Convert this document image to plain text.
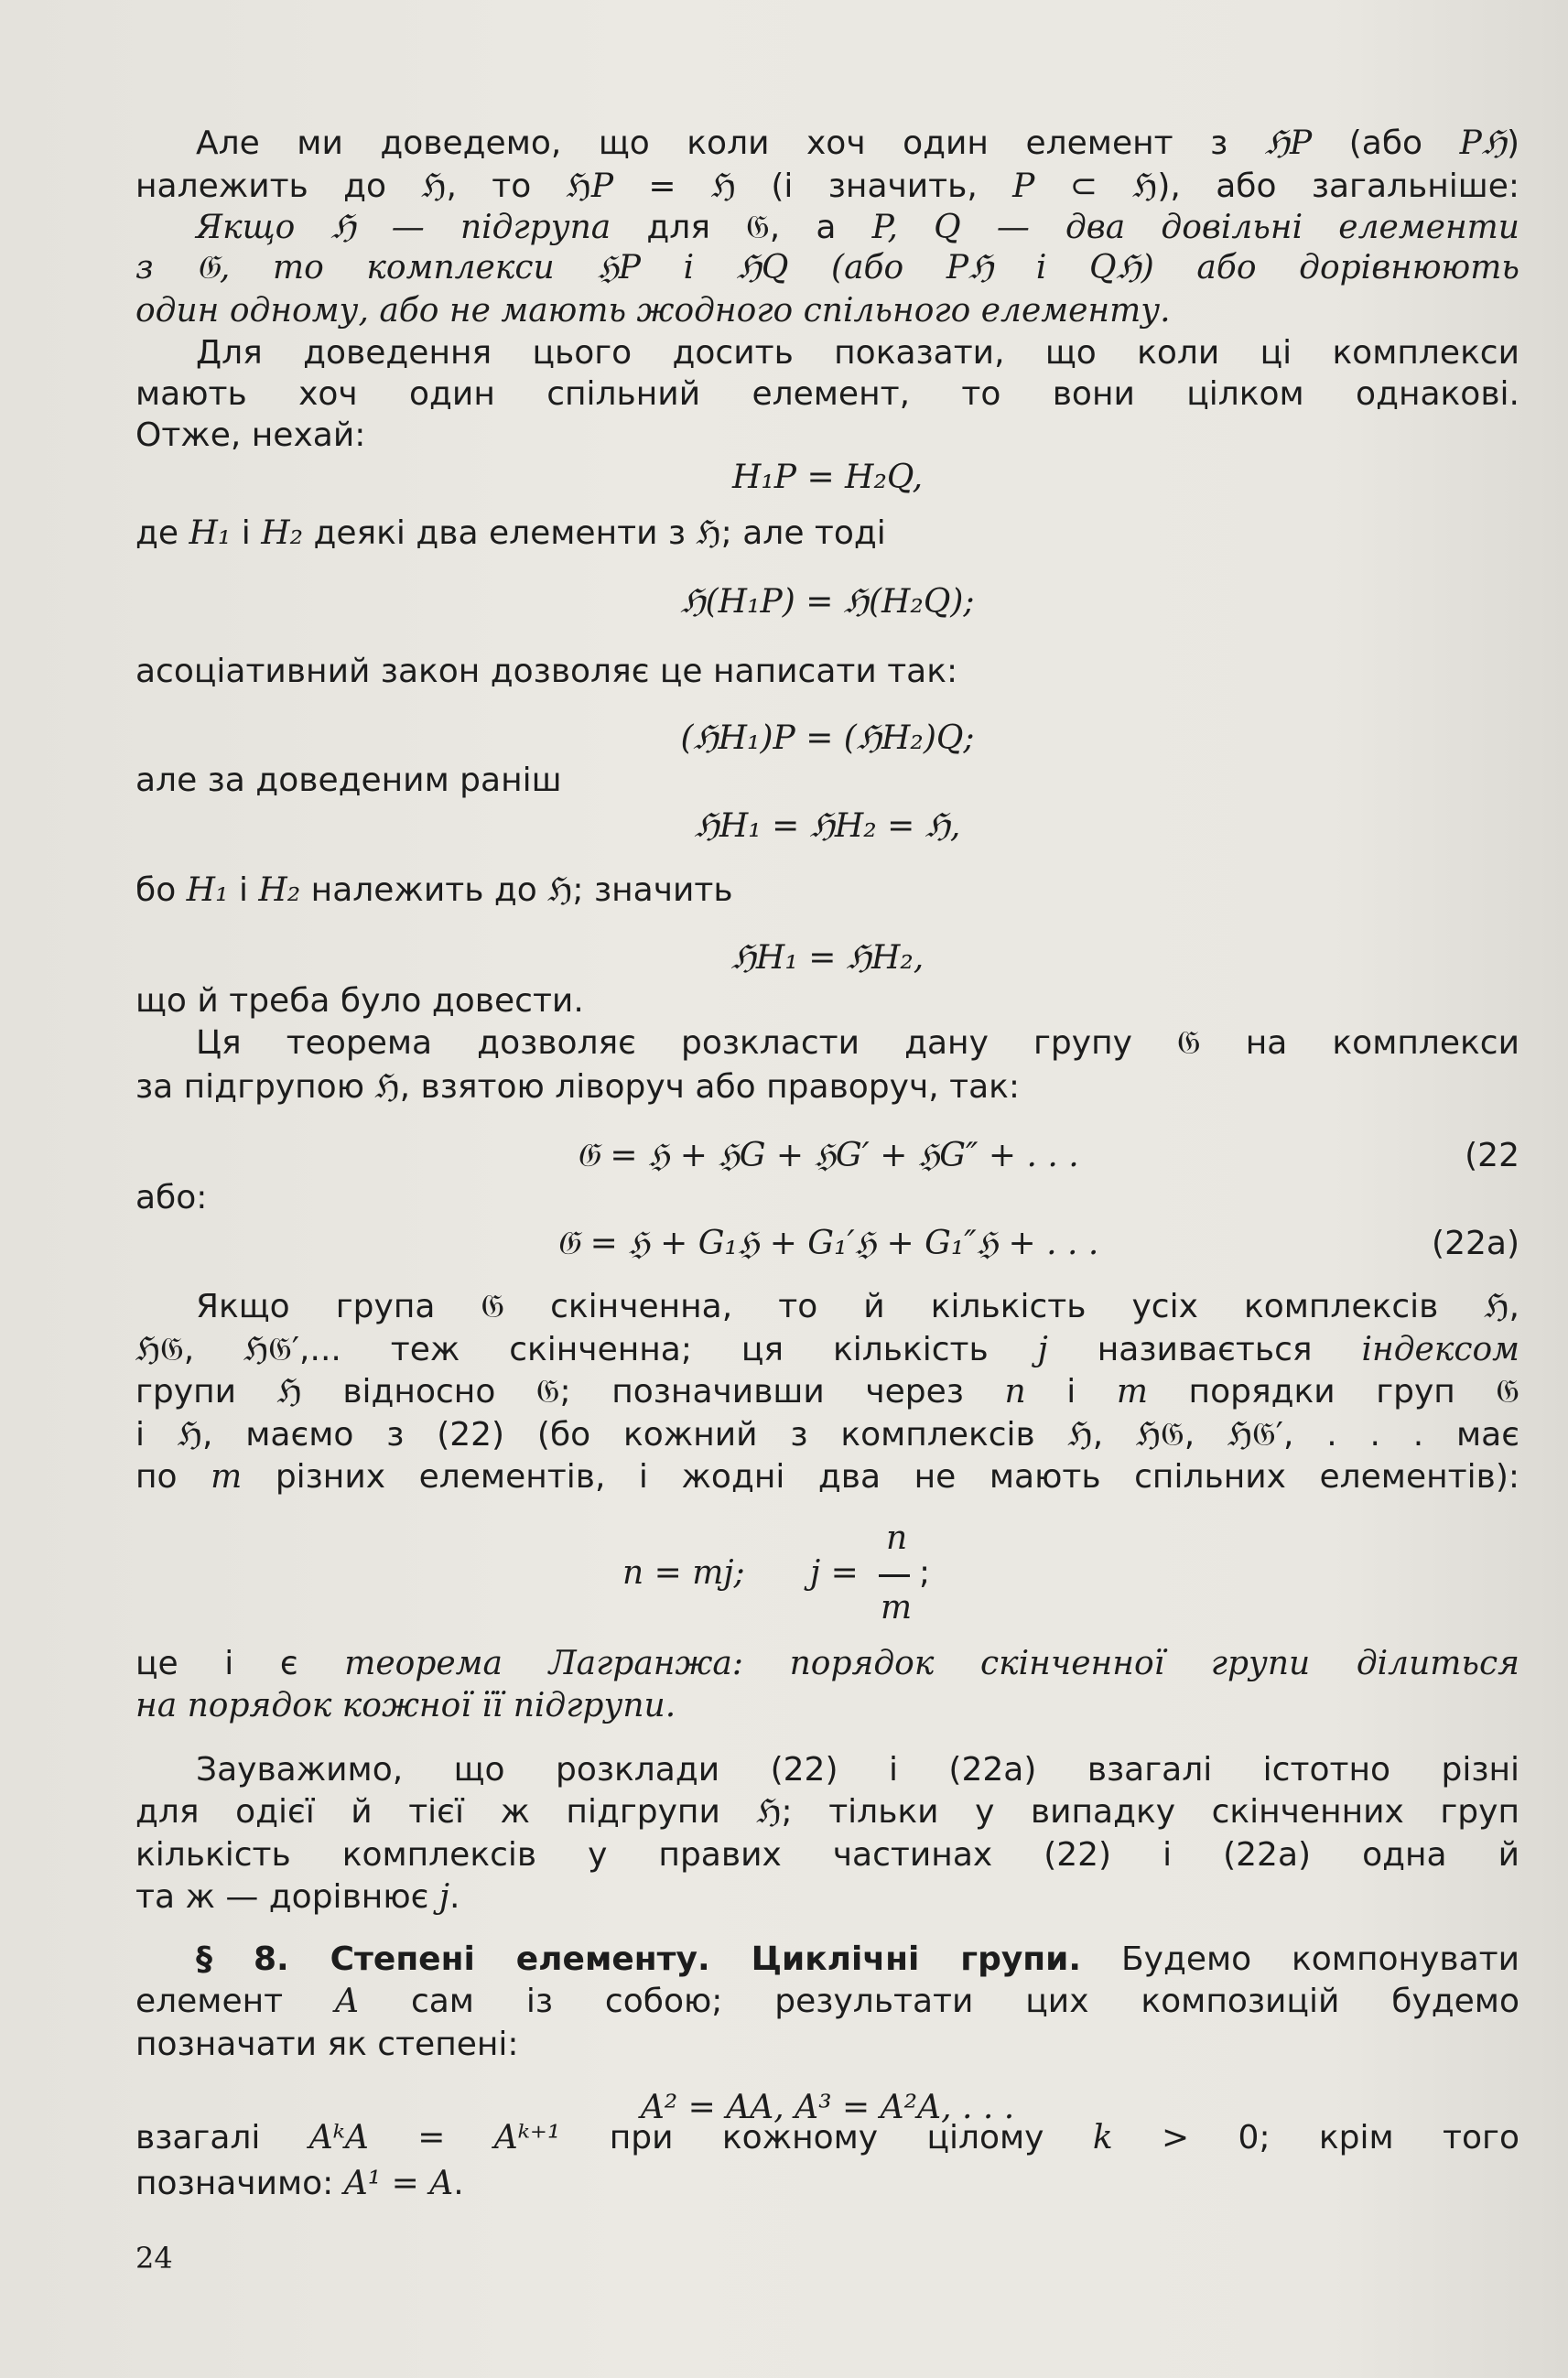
Але ми доведемо, що коли хоч один елемент з ℌP (або Pℌ)
належить до ℌ, то ℌP = ℌ (і значить, P ⊂ ℌ), або загальніше:
Якщо ℌ — підгрупа для 𝔊, а P, Q — два довільні елементи
з 𝔊, то комплекси ℌP і ℌQ (або Pℌ і Qℌ) або дорівнюють
один одному, або не мають жодного спільного елементу.
Для доведення цього досить показати, що коли ці комплекси
мають хоч один спільний елемент, то вони цілком однакові.
Отже, нехай:
H₁P = H₂Q,
де H₁ і H₂ деякі два елементи з ℌ; але тоді
ℌ(H₁P) = ℌ(H₂Q);
асоціативний закон дозволяє це написати так:
(ℌH₁)P = (ℌH₂)Q;
але за доведеним раніш
ℌH₁ = ℌH₂ = ℌ,
бо H₁ і H₂ належить до ℌ; значить
ℌH₁ = ℌH₂,
що й треба було довести.
Ця теорема дозволяє розкласти дану групу 𝔊 на комплекси
за підгрупою ℌ, взятою ліворуч або праворуч, так:
𝔊 = ℌ + ℌG + ℌG′ + ℌG″ + . . .	(22
або:
𝔊 = ℌ + G₁ℌ + G₁′ℌ + G₁″ℌ + . . .	(22a)
Якщо група 𝔊 скінченна, то й кількість усіх комплексів ℌ,
ℌ𝔊, ℌ𝔊′,... теж скінченна; ця кількість j називається індексом
групи ℌ відносно 𝔊; позначивши через n і m порядки груп 𝔊
і ℌ, маємо з (22) (бо кожний з комплексів ℌ, ℌ𝔊, ℌ𝔊′, . . . має
по m різних елементів, і жодні два не мають спільних елементів):
це і є теорема Лагранжа: порядок скінченної групи ділиться
на порядок кожної її підгрупи.
Зауважимо, що розклади (22) і (22a) взагалі істотно різні
для одієї й тієї ж підгрупи ℌ; тільки у випадку скінченних груп
кількість комплексів у правих частинах (22) і (22a) одна й
та ж — дорівнює j.
§ 8. Степені елементу. Циклічні групи. Будемо компонувати
елемент A сам із собою; результати цих композицій будемо
позначати як степені:
A² = AA, A³ = A²A, . . .
взагалі AᵏA = Aᵏ⁺¹ при кожному цілому k > 0; крім того
позначимо: A¹ = A.
n = mj; j =
n
m
;
24
